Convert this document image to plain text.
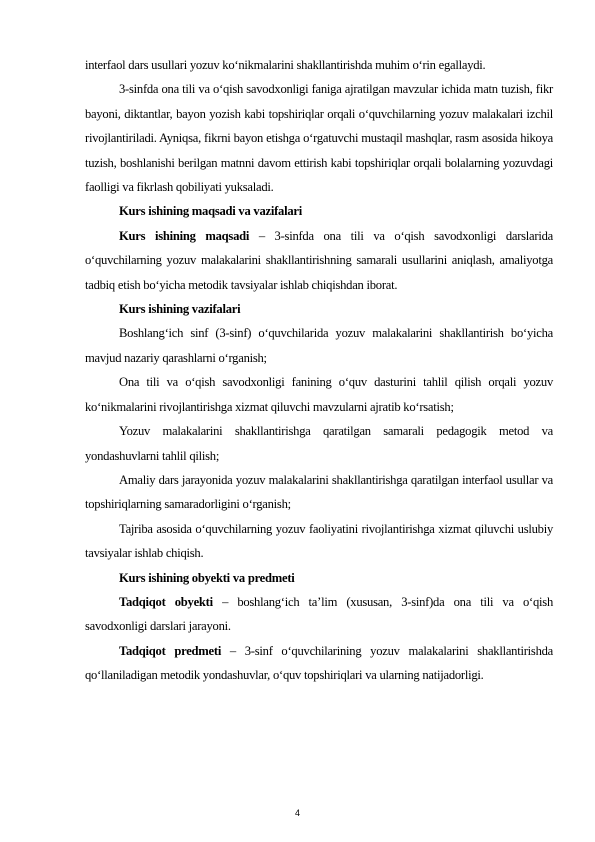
interfaol dars usullari yozuv ko‘nikmalarini shakllantirishda muhim o‘rin egallaydi.

3-sinfda ona tili va o‘qish savodxonligi faniga ajratilgan mavzular ichida matn tuzish, fikr bayoni, diktantlar, bayon yozish kabi topshiriqlar orqali o‘quvchilarning yozuv malakalari izchil rivojlantiriladi. Ayniqsa, fikrni bayon etishga o‘rgatuvchi mustaqil mashqlar, rasm asosida hikoya tuzish, boshlanishi berilgan matnni davom ettirish kabi topshiriqlar orqali bolalarning yozuvdagi faolligi va fikrlash qobiliyati yuksaladi.

Kurs ishining maqsadi va vazifalari

Kurs ishining maqsadi – 3-sinfda ona tili va o‘qish savodxonligi darslarida o‘quvchilarning yozuv malakalarini shakllantirishning samarali usullarini aniqlash, amaliyotga tadbiq etish bo‘yicha metodik tavsiyalar ishlab chiqishdan iborat.

Kurs ishining vazifalari

Boshlang‘ich sinf (3-sinf) o‘quvchilarida yozuv malakalarini shakllantirish bo‘yicha mavjud nazariy qarashlarni o‘rganish;

Ona tili va o‘qish savodxonligi fanining o‘quv dasturini tahlil qilish orqali yozuv ko‘nikmalarini rivojlantirishga xizmat qiluvchi mavzularni ajratib ko‘rsatish;

Yozuv malakalarini shakllantirishga qaratilgan samarali pedagogik metod va yondashuvlarni tahlil qilish;

Amaliy dars jarayonida yozuv malakalarini shakllantirishga qaratilgan interfaol usullar va topshiriqlarning samaradorligini o‘rganish;

Tajriba asosida o‘quvchilarning yozuv faoliyatini rivojlantirishga xizmat qiluvchi uslubiy tavsiyalar ishlab chiqish.

Kurs ishining obyekti va predmeti

Tadqiqot obyekti – boshlang‘ich ta’lim (xususan, 3-sinf)da ona tili va o‘qish savodxonligi darslari jarayoni.

Tadqiqot predmeti – 3-sinf o‘quvchilarining yozuv malakalarini shakllantirishda qo‘llaniladigan metodik yondashuvlar, o‘quv topshiriqlari va ularning natijadorligi.

4
